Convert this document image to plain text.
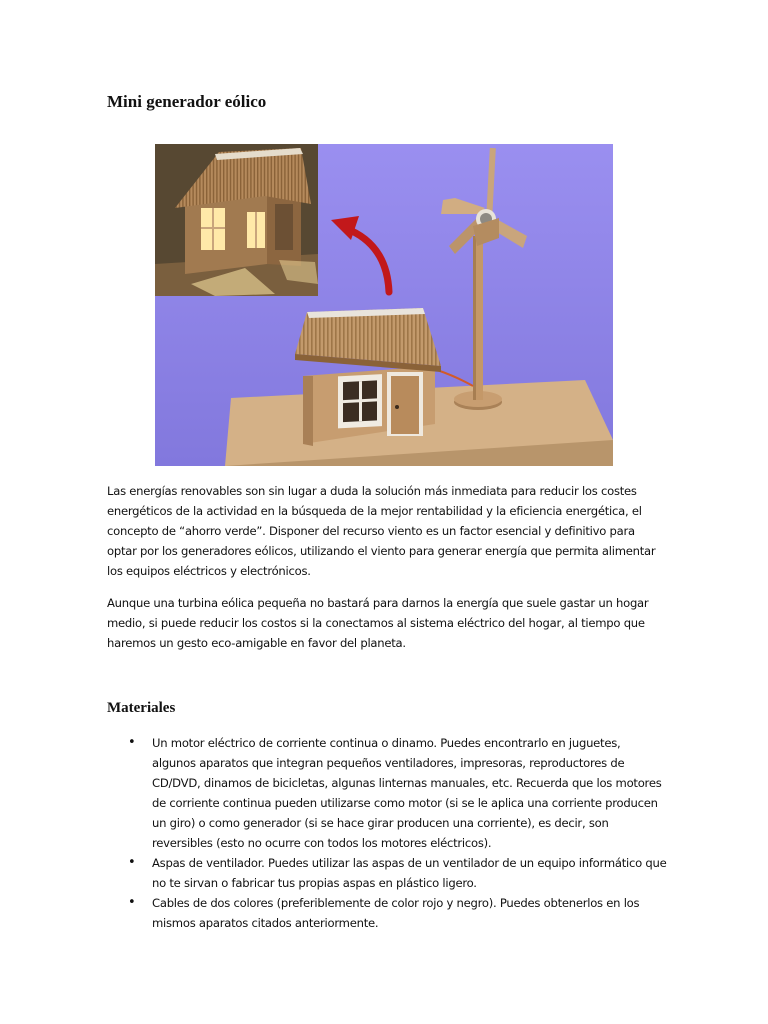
Mini generador eólico

Las energías renovables son sin lugar a duda la solución más inmediata para reducir los costes energéticos de la actividad en la búsqueda de la mejor rentabilidad y la eficiencia energética, el concepto de “ahorro verde”. Disponer del recurso viento es un factor esencial y definitivo para optar por los generadores eólicos, utilizando el viento para generar energía que permita alimentar los equipos eléctricos y electrónicos.

Aunque una turbina eólica pequeña no bastará para darnos la energía que suele gastar un hogar medio, si puede reducir los costos si la conectamos al sistema eléctrico del hogar, al tiempo que haremos un gesto eco-amigable en favor del planeta.

Materiales
• Un motor eléctrico de corriente continua o dinamo. Puedes encontrarlo en juguetes, algunos aparatos que integran pequeños ventiladores, impresoras, reproductores de CD/DVD, dinamos de bicicletas, algunas linternas manuales, etc. Recuerda que los motores de corriente continua pueden utilizarse como motor (si se le aplica una corriente producen un giro) o como generador (si se hace girar producen una corriente), es decir, son reversibles (esto no ocurre con todos los motores eléctricos).
• Aspas de ventilador. Puedes utilizar las aspas de un ventilador de un equipo informático que no te sirvan o fabricar tus propias aspas en plástico ligero.
• Cables de dos colores (preferiblemente de color rojo y negro). Puedes obtenerlos en los mismos aparatos citados anteriormente.
